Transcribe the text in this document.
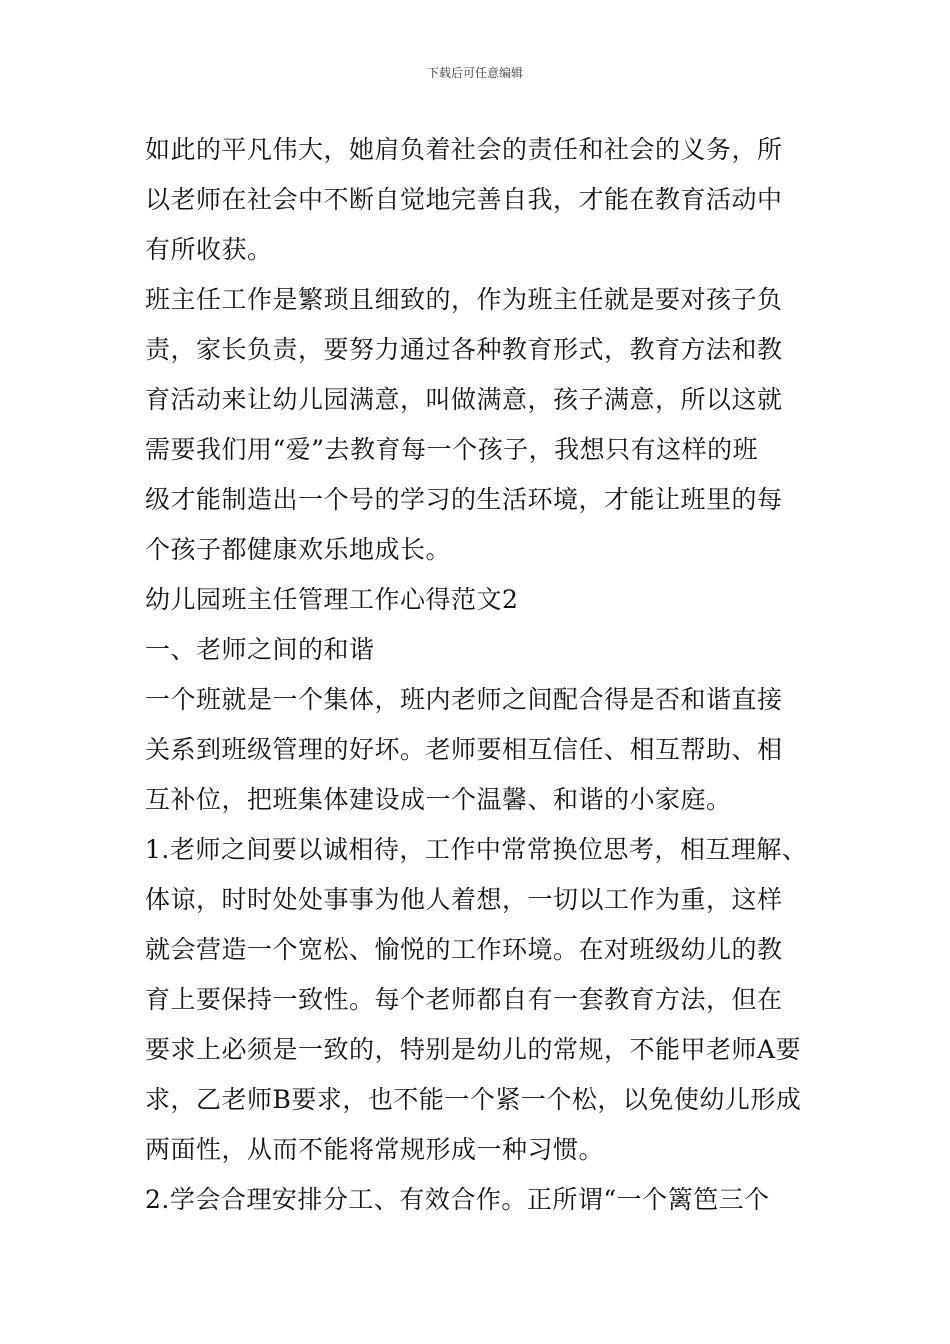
下载后可任意编辑
如此的平凡伟大，她肩负着社会的责任和社会的义务，所
以老师在社会中不断自觉地完善自我，才能在教育活动中
有所收获。
班主任工作是繁琐且细致的，作为班主任就是要对孩子负
责，家长负责，要努力通过各种教育形式，教育方法和教
育活动来让幼儿园满意，叫做满意，孩子满意，所以这就
需要我们用“爱”去教育每一个孩子，我想只有这样的班
级才能制造出一个号的学习的生活环境，才能让班里的每
个孩子都健康欢乐地成长。
幼儿园班主任管理工作心得范文2
一、老师之间的和谐
一个班就是一个集体，班内老师之间配合得是否和谐直接
关系到班级管理的好坏。老师要相互信任、相互帮助、相
互补位，把班集体建设成一个温馨、和谐的小家庭。
1.老师之间要以诚相待，工作中常常换位思考，相互理解、
体谅，时时处处事事为他人着想，一切以工作为重，这样
就会营造一个宽松、愉悦的工作环境。在对班级幼儿的教
育上要保持一致性。每个老师都自有一套教育方法，但在
要求上必须是一致的，特别是幼儿的常规，不能甲老师A要
求，乙老师B要求，也不能一个紧一个松，以免使幼儿形成
两面性，从而不能将常规形成一种习惯。
2.学会合理安排分工、有效合作。正所谓“一个篱笆三个
